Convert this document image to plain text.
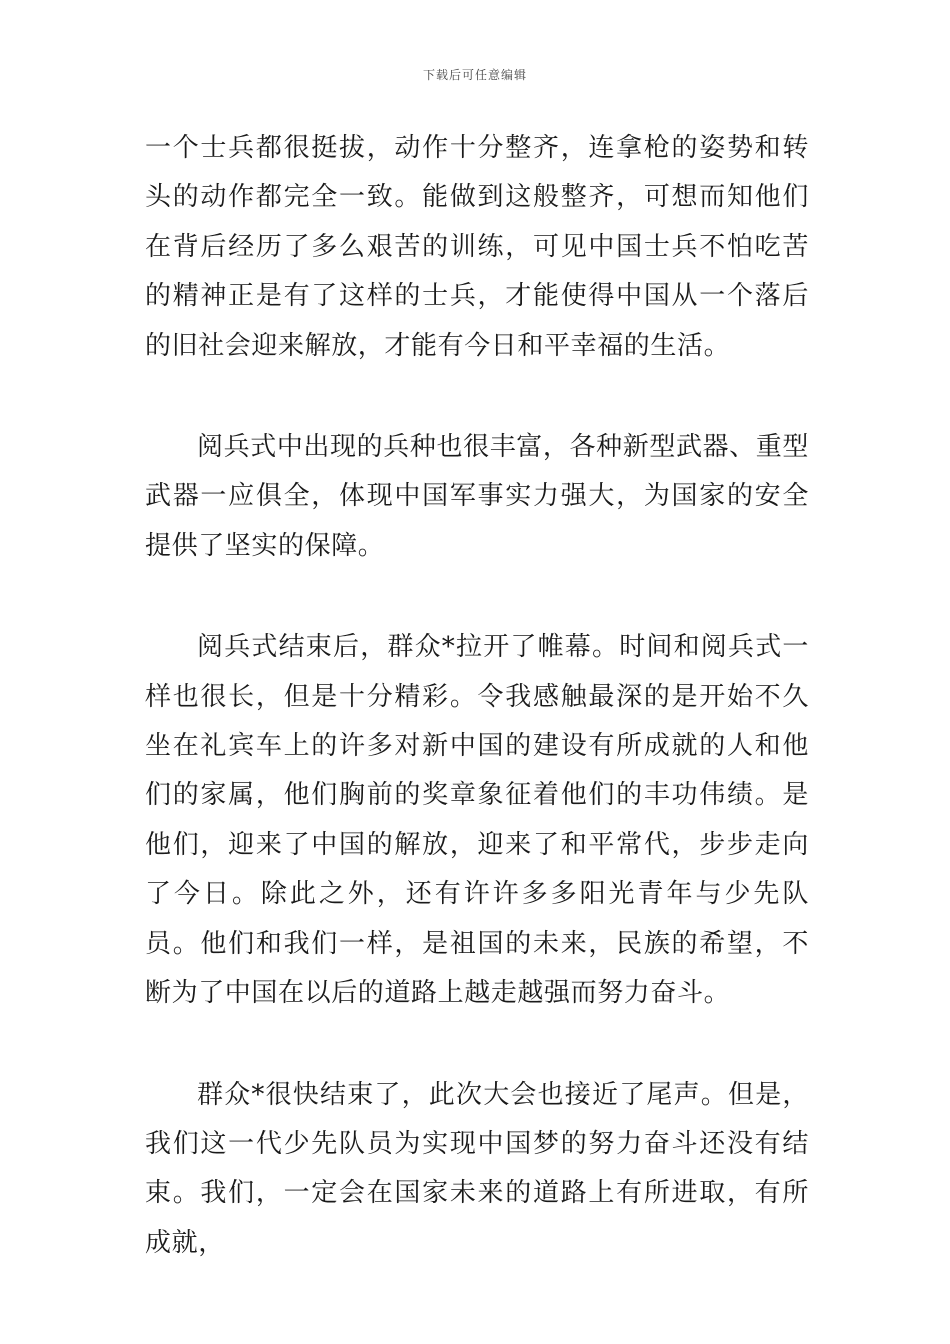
下载后可任意编辑

一个士兵都很挺拔，动作十分整齐，连拿枪的姿势和转头的动作都完全一致。能做到这般整齐，可想而知他们在背后经历了多么艰苦的训练，可见中国士兵不怕吃苦的精神正是有了这样的士兵，才能使得中国从一个落后的旧社会迎来解放，才能有今日和平幸福的生活。

阅兵式中出现的兵种也很丰富，各种新型武器、重型武器一应俱全，体现中国军事实力强大，为国家的安全提供了坚实的保障。

阅兵式结束后，群众*拉开了帷幕。时间和阅兵式一样也很长，但是十分精彩。令我感触最深的是开始不久坐在礼宾车上的许多对新中国的建设有所成就的人和他们的家属，他们胸前的奖章象征着他们的丰功伟绩。是他们，迎来了中国的解放，迎来了和平常代，步步走向了今日。除此之外，还有许许多多阳光青年与少先队员。他们和我们一样，是祖国的未来，民族的希望，不断为了中国在以后的道路上越走越强而努力奋斗。

群众*很快结束了，此次大会也接近了尾声。但是，我们这一代少先队员为实现中国梦的努力奋斗还没有结束。我们，一定会在国家未来的道路上有所进取，有所成就，
